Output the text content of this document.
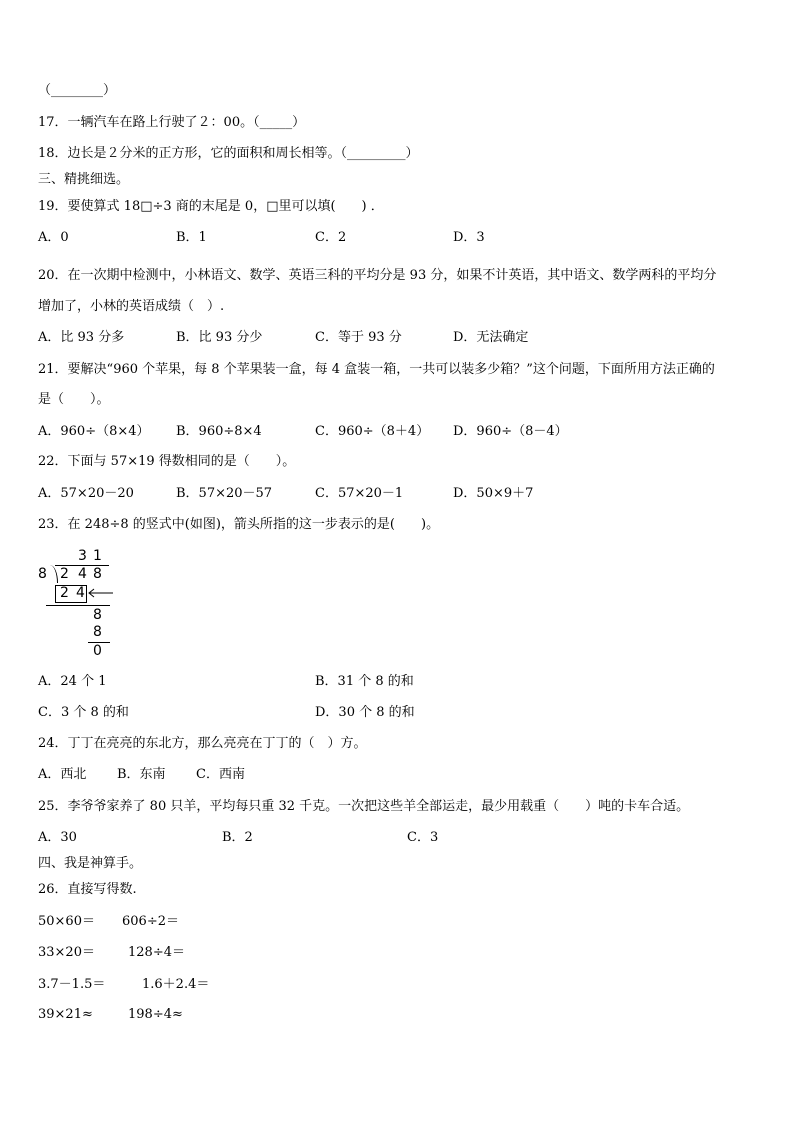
（________）
17．一辆汽车在路上行驶了２：00。（_____）
18．边长是２分米的正方形，它的面积和周长相等。（_________）
三、精挑细选。
19．要使算式 18□÷3 商的末尾是 0，□里可以填(　　) ．
A．0	B．1	C．2	D．3
20．在一次期中检测中，小林语文、数学、英语三科的平均分是 93 分，如果不计英语，其中语文、数学两科的平均分
增加了，小林的英语成绩（　）.
A．比 93 分多	B．比 93 分少	C．等于 93 分	D．无法确定
21．要解决“960 个苹果，每 8 个苹果装一盒，每 4 盒装一箱，一共可以装多少箱？”这个问题，下面所用方法正确的
是（　　）。
A．960÷（8×4） B．960÷8×4	C．960÷（8＋4） D．960÷（8－4）
22．下面与 57×19 得数相同的是（　　）。
A．57×20－20	B．57×20－57	C．57×20－1	D．50×9＋7
23．在 248÷8 的竖式中(如图)，箭头所指的这一步表示的是(　　)。
3 1
8 2 4 8
2 4
8
8
0
A．24 个 1	B．31 个 8 的和
C．3 个 8 的和	D．30 个 8 的和
24．丁丁在亮亮的东北方，那么亮亮在丁丁的（　）方。
A．西北 B．东南 C．西南
25．李爷爷家养了 80 只羊，平均每只重 32 千克。一次把这些羊全部运走，最少用载重（　　）吨的卡车合适。
A．30	B．2	C．3
四、我是神算手。
26．直接写得数.
50×60＝ 606÷2＝
33×20＝	128÷4＝
3.7－1.5＝	1.6＋2.4＝
39×21≈	198÷4≈
